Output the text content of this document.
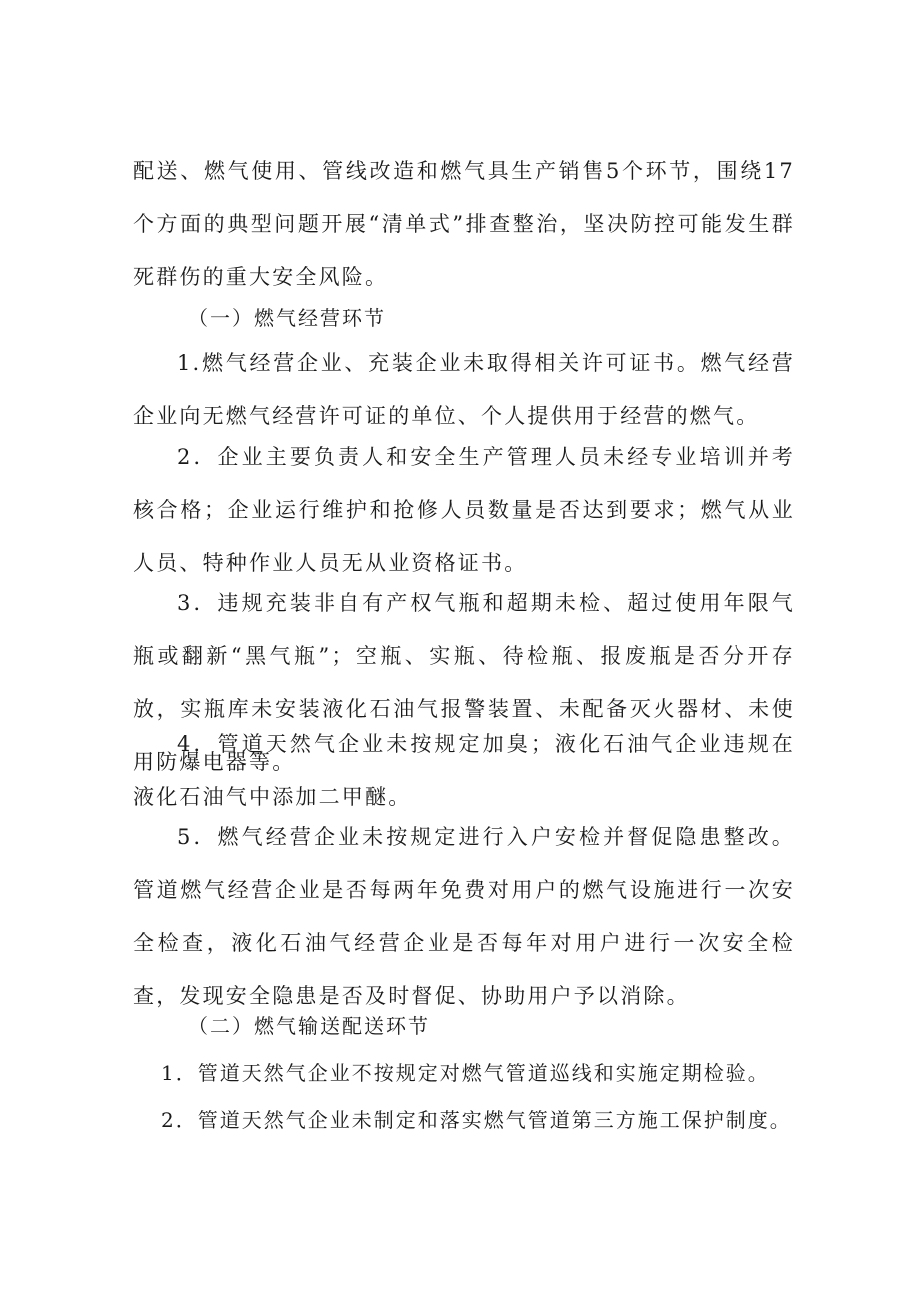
配送、燃气使用、管线改造和燃气具生产销售5个环节，围绕17个方面的典型问题开展“清单式”排查整治，坚决防控可能发生群死群伤的重大安全风险。

（一）燃气经营环节

1.燃气经营企业、充装企业未取得相关许可证书。燃气经营企业向无燃气经营许可证的单位、个人提供用于经营的燃气。

2．企业主要负责人和安全生产管理人员未经专业培训并考核合格；企业运行维护和抢修人员数量是否达到要求；燃气从业人员、特种作业人员无从业资格证书。

3．违规充装非自有产权气瓶和超期未检、超过使用年限气瓶或翻新“黑气瓶”；空瓶、实瓶、待检瓶、报废瓶是否分开存放，实瓶库未安装液化石油气报警装置、未配备灭火器材、未使用防爆电器等。

4．管道天然气企业未按规定加臭；液化石油气企业违规在液化石油气中添加二甲醚。

5．燃气经营企业未按规定进行入户安检并督促隐患整改。管道燃气经营企业是否每两年免费对用户的燃气设施进行一次安全检查，液化石油气经营企业是否每年对用户进行一次安全检查，发现安全隐患是否及时督促、协助用户予以消除。

（二）燃气输送配送环节

1．管道天然气企业不按规定对燃气管道巡线和实施定期检验。

2．管道天然气企业未制定和落实燃气管道第三方施工保护制度。
